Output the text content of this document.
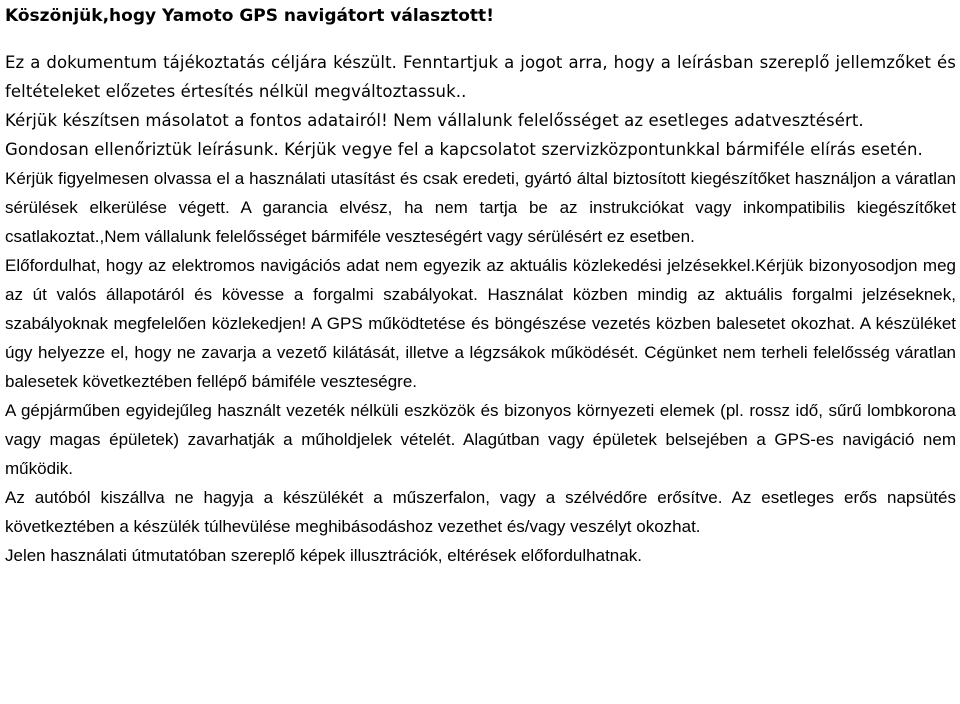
Köszönjük,hogy Yamoto GPS navigátort választott!

Ez a dokumentum tájékoztatás céljára készült. Fenntartjuk a jogot arra, hogy a leírásban szereplő jellemzőket és feltételeket előzetes értesítés nélkül megváltoztassuk..

Kérjük készítsen másolatot a fontos adatairól! Nem vállalunk felelősséget az esetleges adatvesztésért.

Gondosan ellenőriztük leírásunk. Kérjük vegye fel a kapcsolatot szervizközpontunkkal bármiféle elírás esetén.

Kérjük figyelmesen olvassa el a használati utasítást és csak eredeti, gyártó által biztosított kiegészítőket használjon a váratlan sérülések elkerülése végett. A garancia elvész, ha nem tartja be az instrukciókat vagy inkompatibilis kiegészítőket csatlakoztat.,Nem vállalunk felelősséget bármiféle veszteségért vagy sérülésért ez esetben.

Előfordulhat, hogy az elektromos navigációs adat nem egyezik az aktuális közlekedési jelzésekkel.Kérjük bizonyosodjon meg az út valós állapotáról és kövesse a forgalmi szabályokat. Használat közben mindig az aktuális forgalmi jelzéseknek, szabályoknak megfelelően közlekedjen! A GPS működtetése és böngészése vezetés közben balesetet okozhat. A készüléket úgy helyezze el, hogy ne zavarja a vezető kilátását, illetve a légzsákok működését. Cégünket nem terheli felelősség váratlan balesetek következtében fellépő bámiféle veszteségre.

A gépjárműben egyidejűleg használt vezeték nélküli eszközök és bizonyos környezeti elemek (pl. rossz idő, sűrű lombkorona vagy magas épületek) zavarhatják a műholdjelek vételét. Alagútban vagy épületek belsejében a GPS-es navigáció nem működik.

Az autóból kiszállva ne hagyja a készülékét a műszerfalon, vagy a szélvédőre erősítve. Az esetleges erős napsütés következtében a készülék túlhevülése meghibásodáshoz vezethet és/vagy veszélyt okozhat.

Jelen használati útmutatóban szereplő képek illusztrációk, eltérések előfordulhatnak.
